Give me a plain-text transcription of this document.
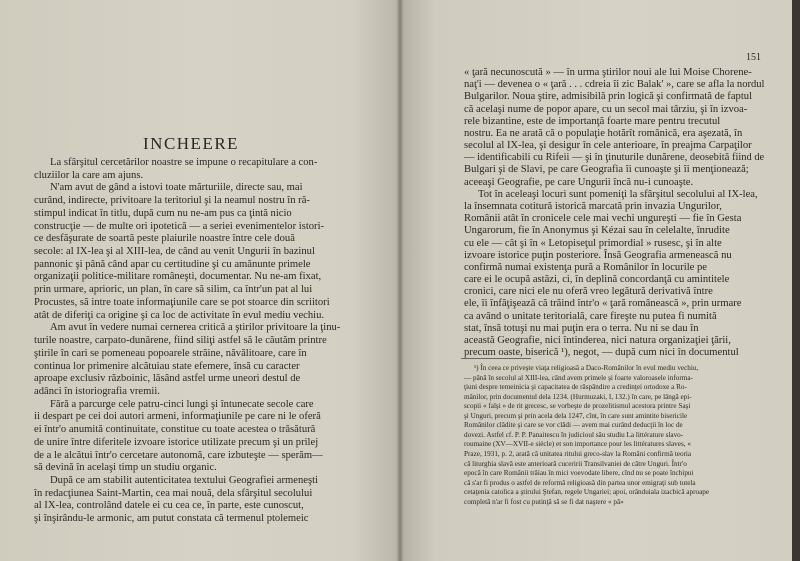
INCHEERE
La sfârşitul cercetărilor noastre se impune o recapitulare a con-
cluziilor la care am ajuns.
N'am avut de gând a istovi toate mărturiile, directe sau, mai
curând, indirecte, privitoare la teritoriul şi la neamul nostru în ră-
stimpul indicat în titlu, după cum nu ne-am pus ca ţintă nicio
construcţie — de multe ori ipotetică — a seriei evenimentelor istori-
ce desfăşurate de soartă peste plaiurile noastre între cele două
secole: al IX-lea şi al XIII-lea, de când au venit Ungurii în bazinul
pannonic şi până când apar cu certitudine şi cu amănunte primele
organizaţii politice-militare româneşti, documentar. Nu ne-am fixat,
prin urmare, aprioric, un plan, în care să silim, ca într'un pat al lui
Procustes, să intre toate informaţiunile care se pot stoarce din scriitori
atât de diferiţi ca origine şi ca loc de activitate în evul mediu vechiu.
Am avut în vedere numai cernerea critică a ştirilor privitoare la ţinu-
turile noastre, carpato-dunărene, fiind siliţi astfel să le căutăm printre
ştirile în cari se pomeneau popoarele străine, năvălitoare, care în
continua lor primenire alcătuiau state efemere, însă cu caracter
aproape exclusiv războinic, lăsând astfel urme uneori destul de
adânci în istoriografia vremii.
Fără a parcurge cele patru-cinci lungi şi întunecate secole care
ii despart pe cei doi autori armeni, informaţiunile pe care ni le oferă
ei într'o anumită continuitate, constitue cu toate acestea o trăsătură
de unire între diferitele izvoare istorice utilizate precum şi un prilej
de a le alcătui într'o cercetare autonomă, care izbuteşte — sperăm—
să devină în acelaşi timp un studiu organic.
După ce am stabilit autenticitatea textului Geografiei armeneşti
în redacţiunea Saint-Martin, cea mai nouă, dela sfârşitul secolului
al IX-lea, controlând datele ei cu cea ce, în parte, este cunoscut,
şi înşirându-le armonic, am putut constata că termenul ptolemeic
151
« ţară necunoscută » — în urma ştirilor noui ale lui Moise Chorene-
naţ'i — devenea o « ţară . . . cdreia îi zic Balak' », care se afla la nordul
Bulgarilor. Noua ştire, admisibilă prin logică şi confirmată de faptul
că acelaşi nume de popor apare, cu un secol mai târziu, şi în izvoa-
rele bizantine, este de importanţă foarte mare pentru trecutul
nostru. Ea ne arată că o populaţie hotărît românică, era aşezată, în
secolul al IX-lea, şi desigur în cele anterioare, în preajma Carpaţilor
— identificabili cu Rifeii — şi în ţinuturile dunărene, deosebită fiind de
Bulgari şi de Slavi, pe care Geografia îi cunoaşte şi îi menţionează;
aceeaşi Geografie, pe care Ungurii încă nu-i cunoaşte.
Tot în aceleaşi locuri sunt pomeniţi la sfârşitul secolului al IX-lea,
la însemnata cotitură istorică marcată prin invazia Ungurilor,
Românii atât în cronicele cele mai vechi ungureşti — fie în Gesta
Ungarorum, fie în Anonymus şi Kézai sau în celelalte, înrudite
cu ele — cât şi în « Letopiseţul primordial » rusesc, şi în alte
izvoare istorice puţin posteriore. Însă Geografia armenească nu
confirmă numai existenţa pură a Românilor în locurile pe
care ei le ocupă astăzi, ci, în deplină concordanţă cu amintitele
cronici, care nici ele nu oferă vreo legătură derivativă între
ele, îi înfăţişează că trăind într'o « ţară românească », prin urmare
ca având o unitate teritorială, care fireşte nu putea fi numită
stat, însă totuşi nu mai puţin era o terra. Nu ni se dau în
această Geografie, nici întinderea, nici natura organizaţiei ţării,
precum oaste, biserică ¹), negot, — după cum nici în documentul
¹) În ceea ce priveşte viaţa religioasă a Daco-Românilor în evul mediu vechiu,
— până în secolul al XIII-lea, când avem primele şi foarte valoroasele informa-
ţiuni despre temeinicia şi capacitatea de răspândire a credinţei ortodoxe a Ro-
mânilor, prin documentul dela 1234. (Hurmuzaki, I, 132.) în care, pe lângă epi-
scopii « falşi » de rit grecesc, se vorbeşte de prozelitismul acestora printre Saşi
şi Unguri, precum şi prin acela dela 1247, cînt, în care sunt amintite bisericile
Românilor clădite şi care se vor clădi — avem mai curând deducţii în loc de
dovezi. Astfel cf. P. P. Panaitescu în judicioul său studiu La littérature slavo-
roumaine (XV—XVII-e siècle) et son importance pour les littératures slaves, «
Praze, 1931, p. 2, arată că unitatea ritului greco-slav la Români confirmă teoria
că liturghia slavă este anterioară cuceririi Transilvaniei de către Unguri. Într'o
epocă în care Românii trăiau în mici voevodate libere, cînd nu se poate închipui
că s'ar fi produs o astfel de reformă religioasă din partea unor emigraţi sub tutela
cetaţenia catolica a ştirului Ştefan, regele Ungariei; apoi, orânduiala izacbică aproape
completă n'ar fi fost cu putinţă să se fi dat naştere « pă»
